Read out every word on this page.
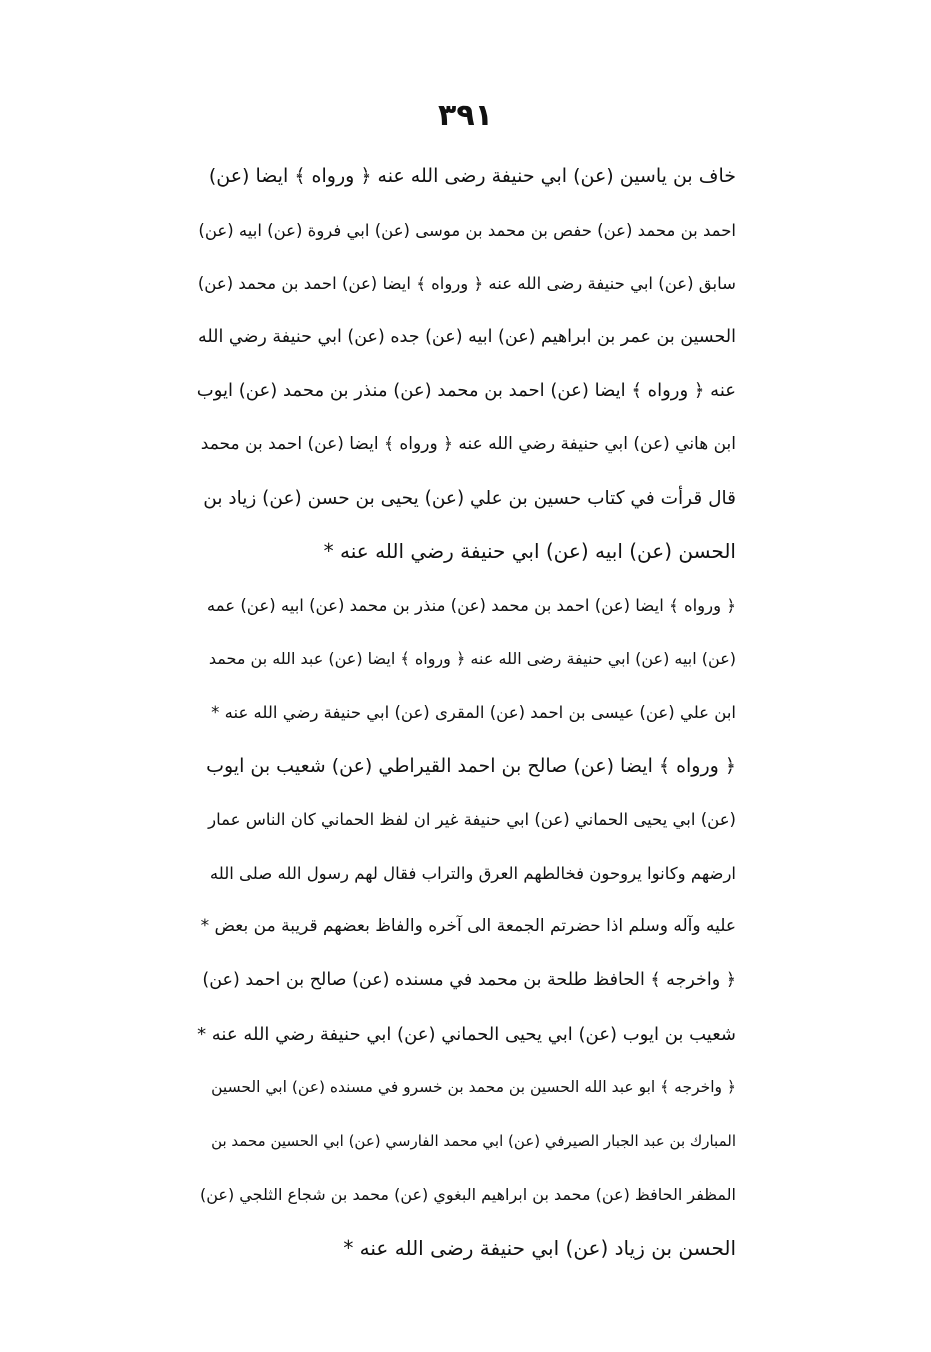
٣٩١
خاف بن ياسين (عن) ابي حنيفة رضى الله عنه ﴿ ورواه ﴾ ايضا (عن)
احمد بن محمد (عن) حفص بن محمد بن موسى (عن) ابي فروة (عن) ابيه (عن)
سابق (عن) ابي حنيفة رضى الله عنه ﴿ ورواه ﴾ ايضا (عن) احمد بن محمد (عن)
الحسين بن عمر بن ابراهيم (عن) ابيه (عن) جده (عن) ابي حنيفة رضي الله
عنه ﴿ ورواه ﴾ ايضا (عن) احمد بن محمد (عن) منذر بن محمد (عن) ايوب
ابن هاني (عن) ابي حنيفة رضي الله عنه ﴿ ورواه ﴾ ايضا (عن) احمد بن محمد
قال قرأت في كتاب حسين بن علي (عن) يحيى بن حسن (عن) زياد بن
الحسن (عن) ابيه (عن) ابي حنيفة رضي الله عنه *
﴿ ورواه ﴾ ايضا (عن) احمد بن محمد (عن) منذر بن محمد (عن) ابيه (عن) عمه
(عن) ابيه (عن) ابي حنيفة رضى الله عنه ﴿ ورواه ﴾ ايضا (عن) عبد الله بن محمد
ابن علي (عن) عيسى بن احمد (عن) المقرى (عن) ابي حنيفة رضي الله عنه *
﴿ ورواه ﴾ ايضا (عن) صالح بن احمد القيراطي (عن) شعيب بن ايوب
(عن) ابي يحيى الحماني (عن) ابي حنيفة غير ان لفظ الحماني كان الناس عمار
ارضهم وكانوا يروحون فخالطهم العرق والتراب فقال لهم رسول الله صلى الله
عليه وآله وسلم اذا حضرتم الجمعة الى آخره والفاظ بعضهم قريبة من بعض *
﴿ واخرجه ﴾ الحافظ طلحة بن محمد في مسنده (عن) صالح بن احمد (عن)
شعيب بن ايوب (عن) ابي يحيى الحماني (عن) ابي حنيفة رضي الله عنه *
﴿ واخرجه ﴾ ابو عبد الله الحسين بن محمد بن خسرو في مسنده (عن) ابي الحسين
المبارك بن عبد الجبار الصيرفي (عن) ابي محمد الفارسي (عن) ابي الحسين محمد بن
المظفر الحافظ (عن) محمد بن ابراهيم البغوي (عن) محمد بن شجاع الثلجي (عن)
الحسن بن زياد (عن) ابي حنيفة رضى الله عنه *
